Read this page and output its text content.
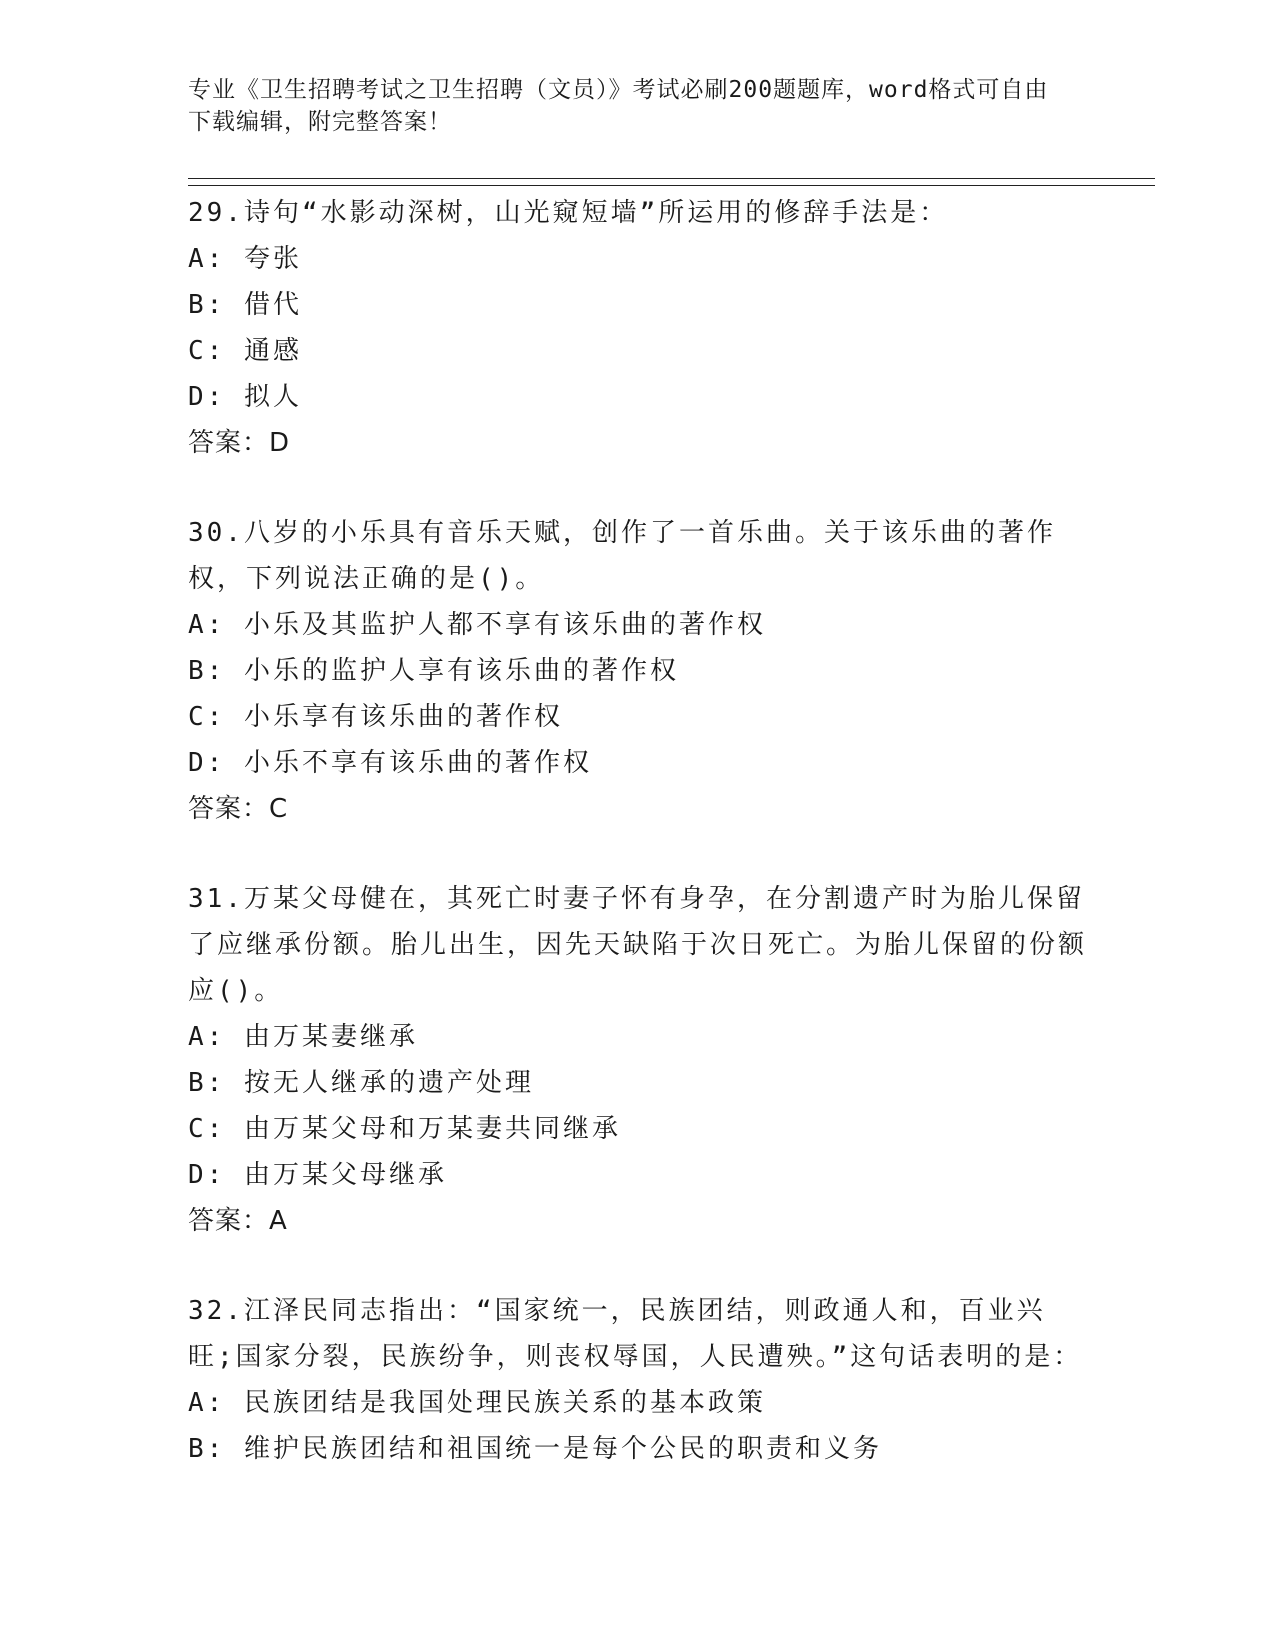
专业《卫生招聘考试之卫生招聘（文员）》考试必刷200题题库，word格式可自由下载编辑，附完整答案！
29.诗句“水影动深树，山光窥短墙”所运用的修辞手法是：
A: 夸张
B: 借代
C: 通感
D: 拟人
答案：D
30.八岁的小乐具有音乐天赋，创作了一首乐曲。关于该乐曲的著作权，下列说法正确的是()。
A: 小乐及其监护人都不享有该乐曲的著作权
B: 小乐的监护人享有该乐曲的著作权
C: 小乐享有该乐曲的著作权
D: 小乐不享有该乐曲的著作权
答案：C
31.万某父母健在，其死亡时妻子怀有身孕，在分割遗产时为胎儿保留了应继承份额。胎儿出生，因先天缺陷于次日死亡。为胎儿保留的份额应()。
A: 由万某妻继承
B: 按无人继承的遗产处理
C: 由万某父母和万某妻共同继承
D: 由万某父母继承
答案：A
32.江泽民同志指出：“国家统一，民族团结，则政通人和，百业兴旺;国家分裂，民族纷争，则丧权辱国，人民遭殃。”这句话表明的是：
A: 民族团结是我国处理民族关系的基本政策
B: 维护民族团结和祖国统一是每个公民的职责和义务
